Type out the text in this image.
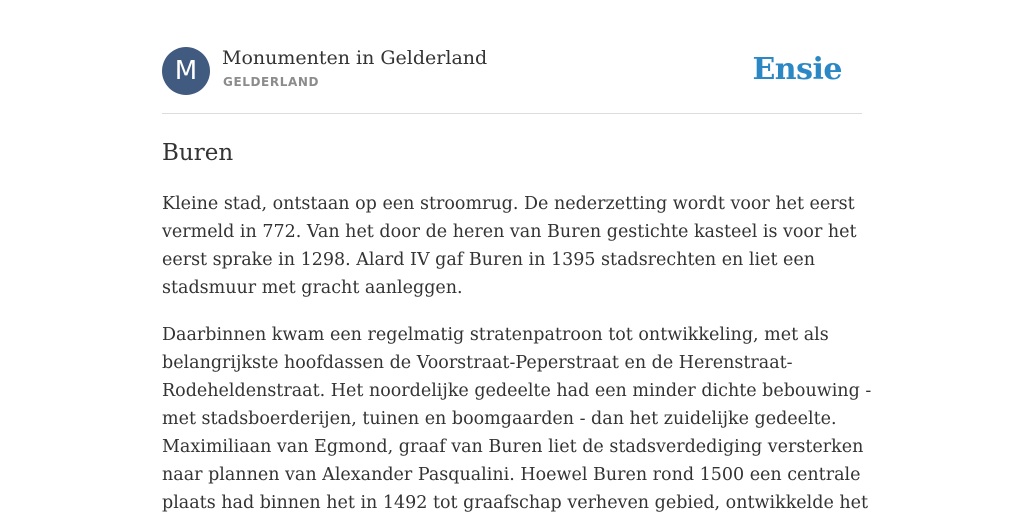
M	Monumenten in Gelderland
GELDERLAND	Ensie
Buren

Kleine stad, ontstaan op een stroomrug. De nederzetting wordt voor het eerst
vermeld in 772. Van het door de heren van Buren gestichte kasteel is voor het
eerst sprake in 1298. Alard IV gaf Buren in 1395 stadsrechten en liet een
stadsmuur met gracht aanleggen.

Daarbinnen kwam een regelmatig stratenpatroon tot ontwikkeling, met als
belangrijkste hoofdassen de Voorstraat-Peperstraat en de Herenstraat-
Rodeheldenstraat. Het noordelijke gedeelte had een minder dichte bebouwing -
met stadsboerderijen, tuinen en boomgaarden - dan het zuidelijke gedeelte.
Maximiliaan van Egmond, graaf van Buren liet de stadsverdediging versterken
naar plannen van Alexander Pasqualini. Hoewel Buren rond 1500 een centrale
plaats had binnen het in 1492 tot graafschap verheven gebied, ontwikkelde het
